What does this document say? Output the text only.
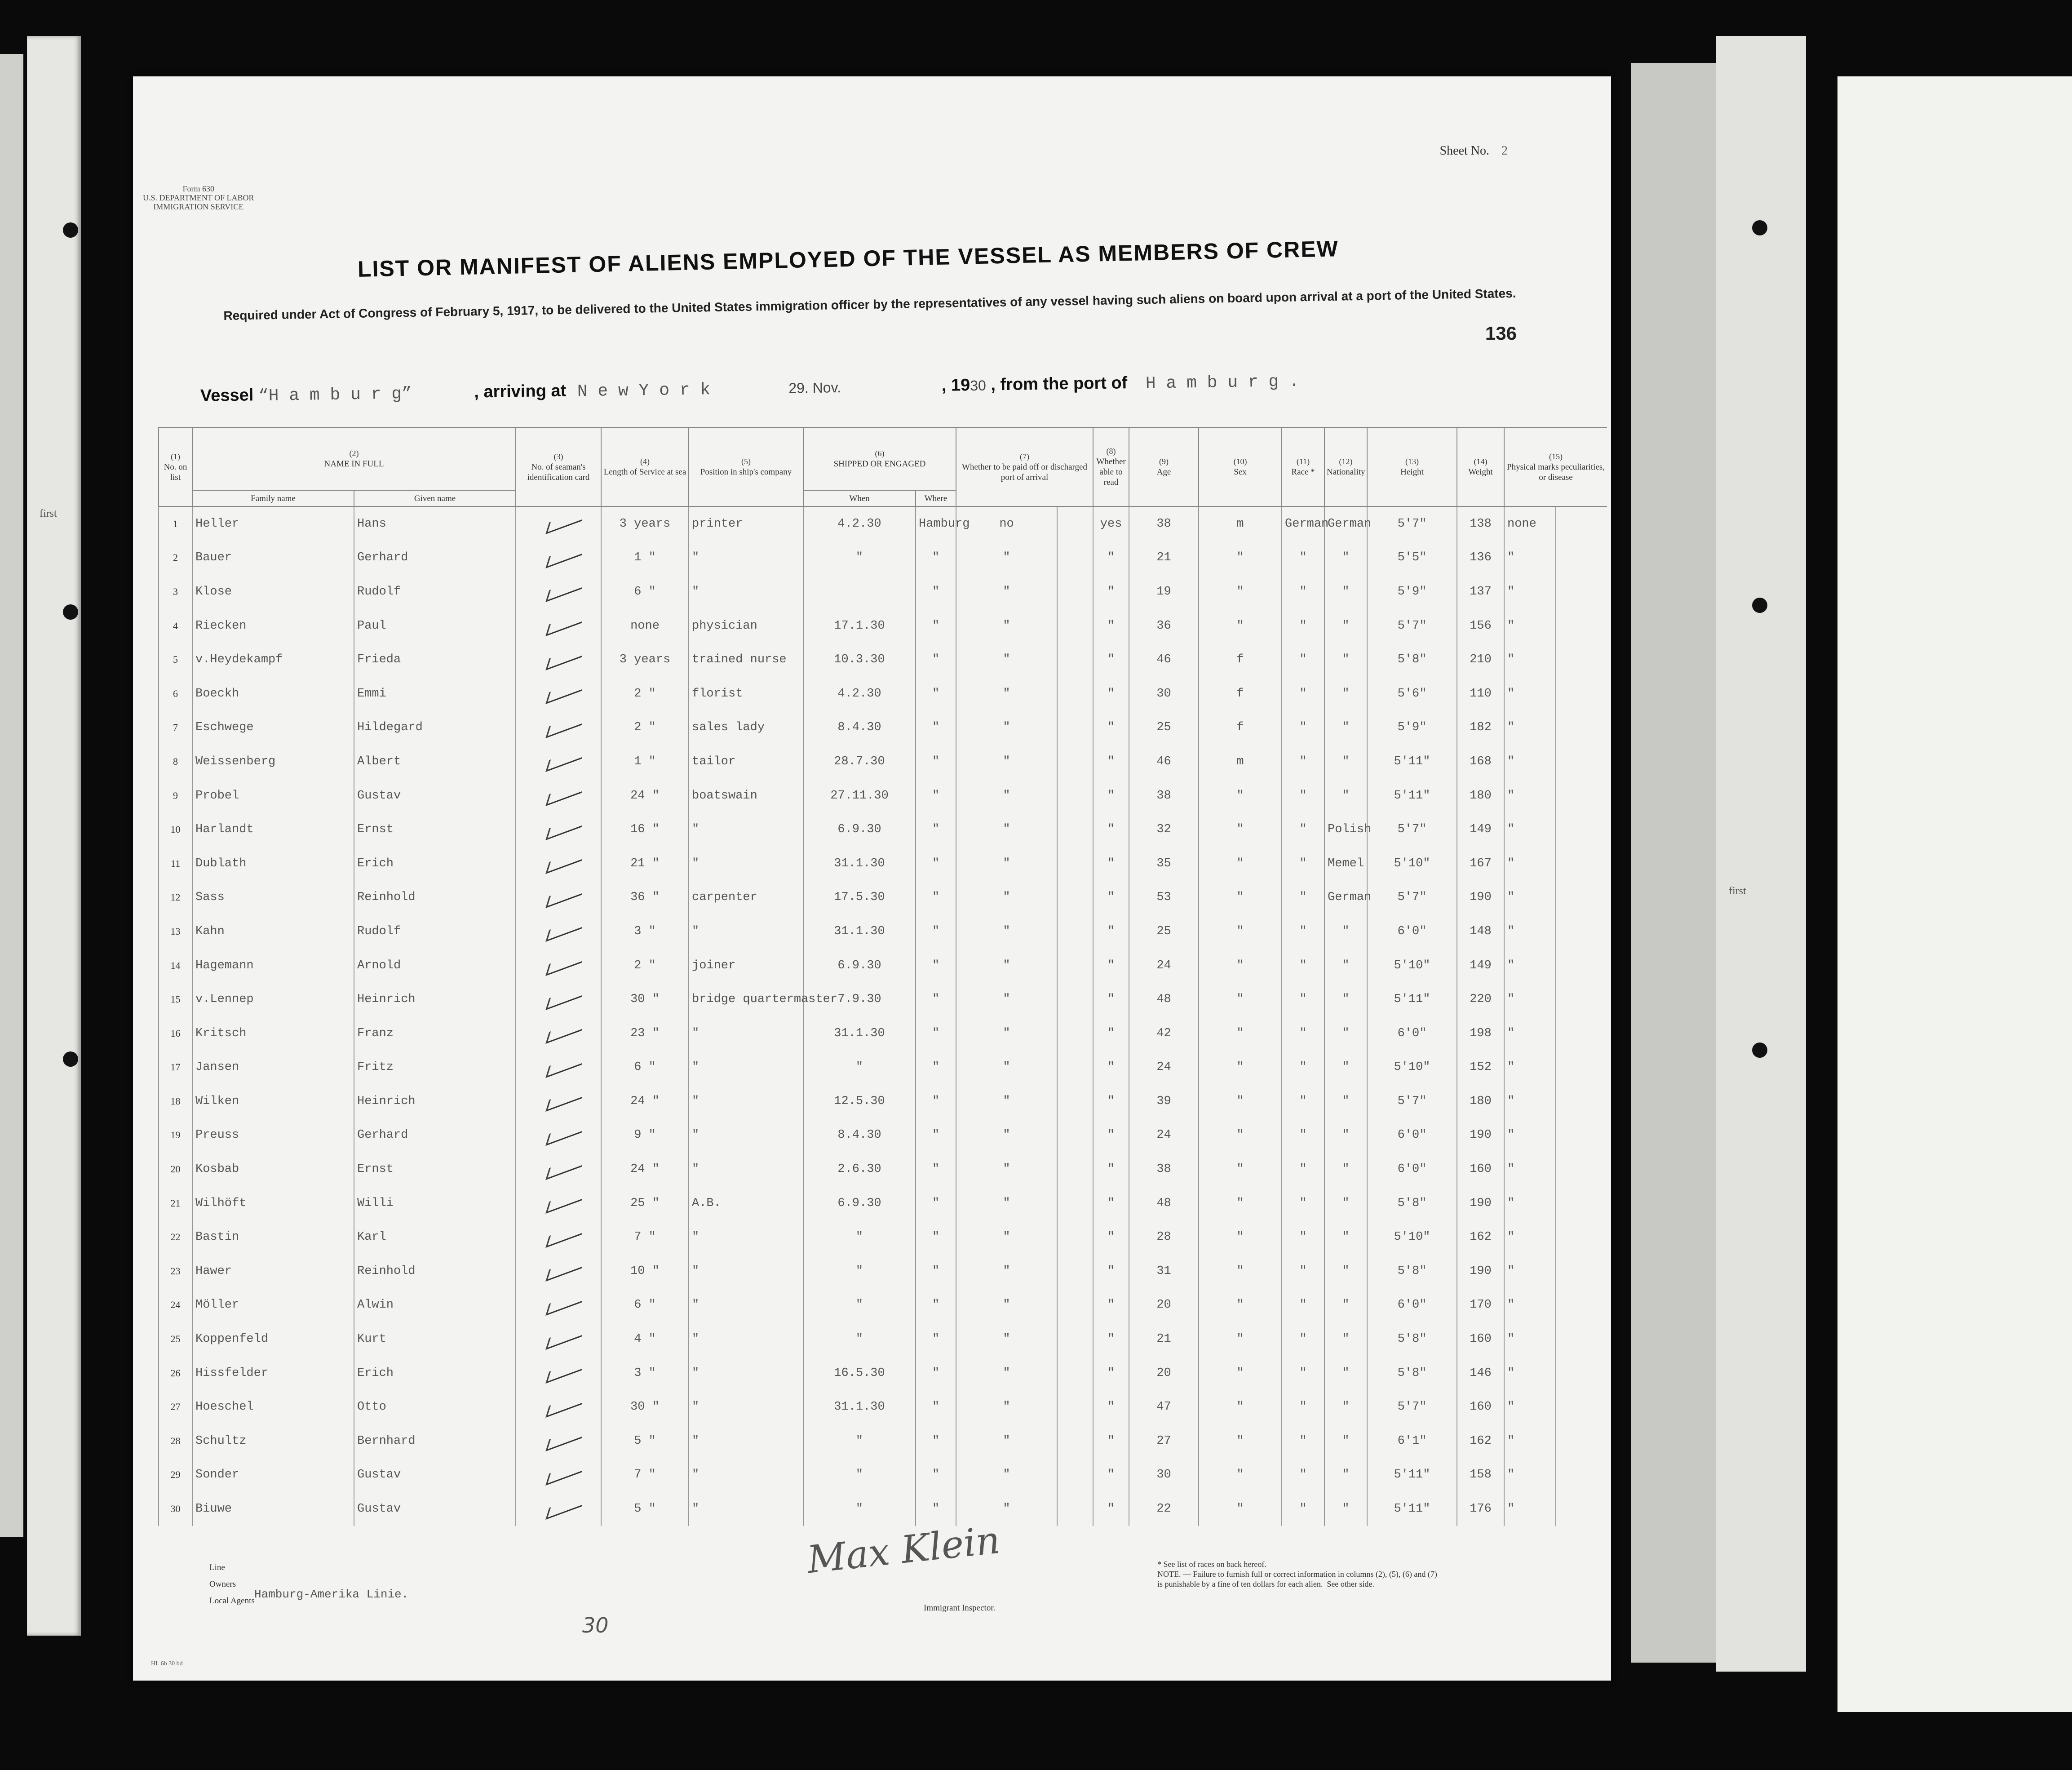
first
first
Form 630
U.S. DEPARTMENT OF LABOR
IMMIGRATION SERVICE
Sheet No. 2
LIST OR MANIFEST OF ALIENS EMPLOYED OF THE VESSEL AS MEMBERS OF CREW
Required under Act of Congress of February 5, 1917, to be delivered to the United States immigration officer by the representatives of any vessel having such aliens on board upon arrival at a port of the United States.
136
Vessel “H a m b u r g”	, arriving at N e w Y o r k	29. Nov.	, 1930 , from the port of H a m b u r g .
(1)
No. on list	(2)
NAME IN FULL		(3)
No. of seaman's identification card	(4)
Length of Service at sea	(5)
Position in ship's company	(6)
SHIPPED OR ENGAGED		(7)
Whether to be paid off or discharged port of arrival		(8)
Whether able to read	(9)
Age	(10)
Sex	(11)
Race *	(12)
Nationality	(13)
Height	(14)
Weight	(15)
Physical marks peculiarities, or disease	
	Family name	Given name				When	Where											
1	Heller	Hans		3 years	printer	4.2.30	Hamburg	no		yes	38	m	German	German	5'7"	138	none	
2	Bauer	Gerhard		1 "	"	"	"	"		"	21	"	"	"	5'5"	136	"	
3	Klose	Rudolf		6 "	"		"	"		"	19	"	"	"	5'9"	137	"	
4	Riecken	Paul		none	physician	17.1.30	"	"		"	36	"	"	"	5'7"	156	"	
5	v.Heydekampf	Frieda		3 years	trained nurse	10.3.30	"	"		"	46	f	"	"	5'8"	210	"	
6	Boeckh	Emmi		2 "	florist	4.2.30	"	"		"	30	f	"	"	5'6"	110	"	
7	Eschwege	Hildegard		2 "	sales lady	8.4.30	"	"		"	25	f	"	"	5'9"	182	"	
8	Weissenberg	Albert		1 "	tailor	28.7.30	"	"		"	46	m	"	"	5'11"	168	"	
9	Probel	Gustav		24 "	boatswain	27.11.30	"	"		"	38	"	"	"	5'11"	180	"	
10	Harlandt	Ernst		16 "	"	6.9.30	"	"		"	32	"	"	Polish	5'7"	149	"	
11	Dublath	Erich		21 "	"	31.1.30	"	"		"	35	"	"	Memel	5'10"	167	"	
12	Sass	Reinhold		36 "	carpenter	17.5.30	"	"		"	53	"	"	German	5'7"	190	"	
13	Kahn	Rudolf		3 "	"	31.1.30	"	"		"	25	"	"	"	6'0"	148	"	
14	Hagemann	Arnold		2 "	joiner	6.9.30	"	"		"	24	"	"	"	5'10"	149	"	
15	v.Lennep	Heinrich		30 "	bridge quartermaster	7.9.30	"	"		"	48	"	"	"	5'11"	220	"	
16	Kritsch	Franz		23 "	"	31.1.30	"	"		"	42	"	"	"	6'0"	198	"	
17	Jansen	Fritz		6 "	"	"	"	"		"	24	"	"	"	5'10"	152	"	
18	Wilken	Heinrich		24 "	"	12.5.30	"	"		"	39	"	"	"	5'7"	180	"	
19	Preuss	Gerhard		9 "	"	8.4.30	"	"		"	24	"	"	"	6'0"	190	"	
20	Kosbab	Ernst		24 "	"	2.6.30	"	"		"	38	"	"	"	6'0"	160	"	
21	Wilhöft	Willi		25 "	A.B.	6.9.30	"	"		"	48	"	"	"	5'8"	190	"	
22	Bastin	Karl		7 "	"	"	"	"		"	28	"	"	"	5'10"	162	"	
23	Hawer	Reinhold		10 "	"	"	"	"		"	31	"	"	"	5'8"	190	"	
24	Möller	Alwin		6 "	"	"	"	"		"	20	"	"	"	6'0"	170	"	
25	Koppenfeld	Kurt		4 "	"	"	"	"		"	21	"	"	"	5'8"	160	"	
26	Hissfelder	Erich		3 "	"	16.5.30	"	"		"	20	"	"	"	5'8"	146	"	
27	Hoeschel	Otto		30 "	"	31.1.30	"	"		"	47	"	"	"	5'7"	160	"	
28	Schultz	Bernhard		5 "	"	"	"	"		"	27	"	"	"	6'1"	162	"	
29	Sonder	Gustav		7 "	"	"	"	"		"	30	"	"	"	5'11"	158	"	
30	Biuwe	Gustav		5 "	"	"	"	"		"	22	"	"	"	5'11"	176	"	
Max Klein
Line
Owners
Local Agents Hamburg-Amerika Linie.
30
Immigrant Inspector.
* See list of races on back hereof.
NOTE. — Failure to furnish full or correct information in columns (2), (5), (6) and (7)
is punishable by a fine of ten dollars for each alien.  See other side.
HL 6b 30 bd
